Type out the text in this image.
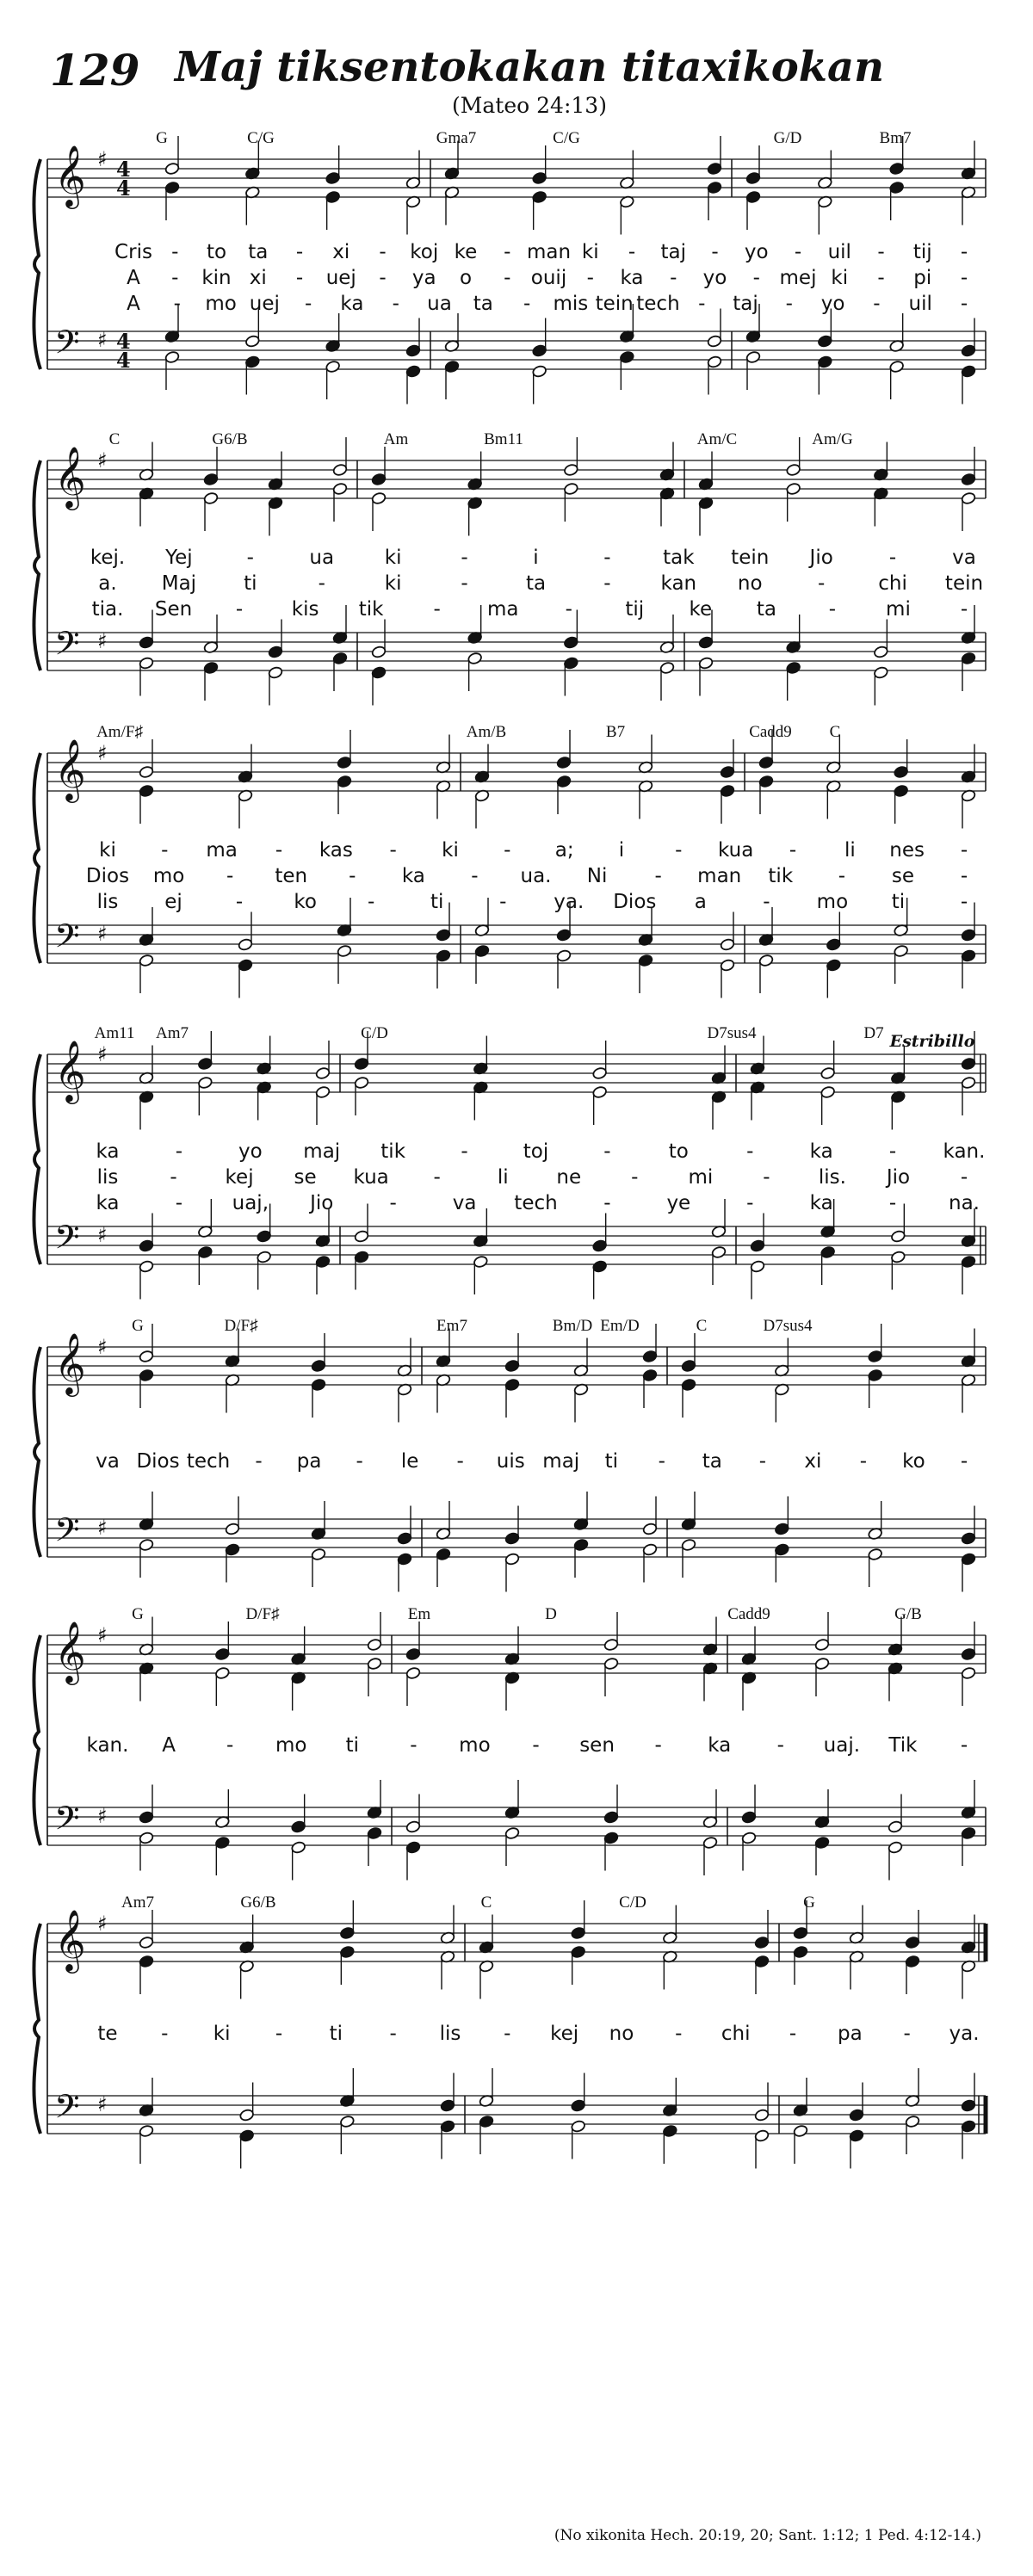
129 Maj tiksentokakan titaxikokan
(Mateo 24:13)
G	C/G	Gma7	C/G	G/D	Bm7
𝄞
𝄢
♯
♯
4
4
4
4
Cris - to ta - xi - koj ke - man ki - taj - yo - uil - tij -
A - kin xi - uej - ya o - ouij - ka - yo - mej ki - pi -
A - mo uej - ka - ua ta - mis tein tech - taj - yo - uil -
C	G6/B	Am	Bm11	Am/C	Am/G
𝄞
𝄢
♯
♯
kej. Yej	-	ua	ki	-	i	-	tak tein Jio	-	va
a. Maj ti	-	ki	-	ta	-	kan no	-	chi tein
tia. Sen - kis tik	- ma -	tij ke ta	-	mi	-
Am/F♯	Am/B	B7	Cadd9 C
𝄞
𝄢
♯
♯
ki - ma - kas - ki - a; i	- kua - li nes -
Dios mo - ten - ka - ua. Ni - man tik - se -
lis ej	-	ko	-	ti	- ya. Dios a	- mo ti	-
Am11 Am7	C/D	D7sus4	D7
𝄞
𝄢
♯
♯
ka	-	yo maj tik	-	toj	-	to	-	ka	- kan.
lis	- kej se kua -	li ne	-	mi	- lis. Jio	-
ka	-	uaj, Jio	-	va tech -	ye	-	ka	-	na.
G	D/F♯	Em7	Bm/D Em/D	C	D7sus4
𝄞
𝄢
♯
♯
va Dios tech - pa - le - uis maj ti - ta - xi - ko -
G	D/F♯	Em	D	Cadd9	G/B
𝄞
𝄢
♯
♯
kan. A	- mo ti	- mo - sen - ka - uaj. Tik -
Am7	G6/B	C	C/D	G
𝄞
𝄢
♯
♯
te - ki - ti - lis - kej no - chi - pa - ya.
Estribillo
(No xikonita Hech. 20:19, 20; Sant. 1:12; 1 Ped. 4:12-14.)
